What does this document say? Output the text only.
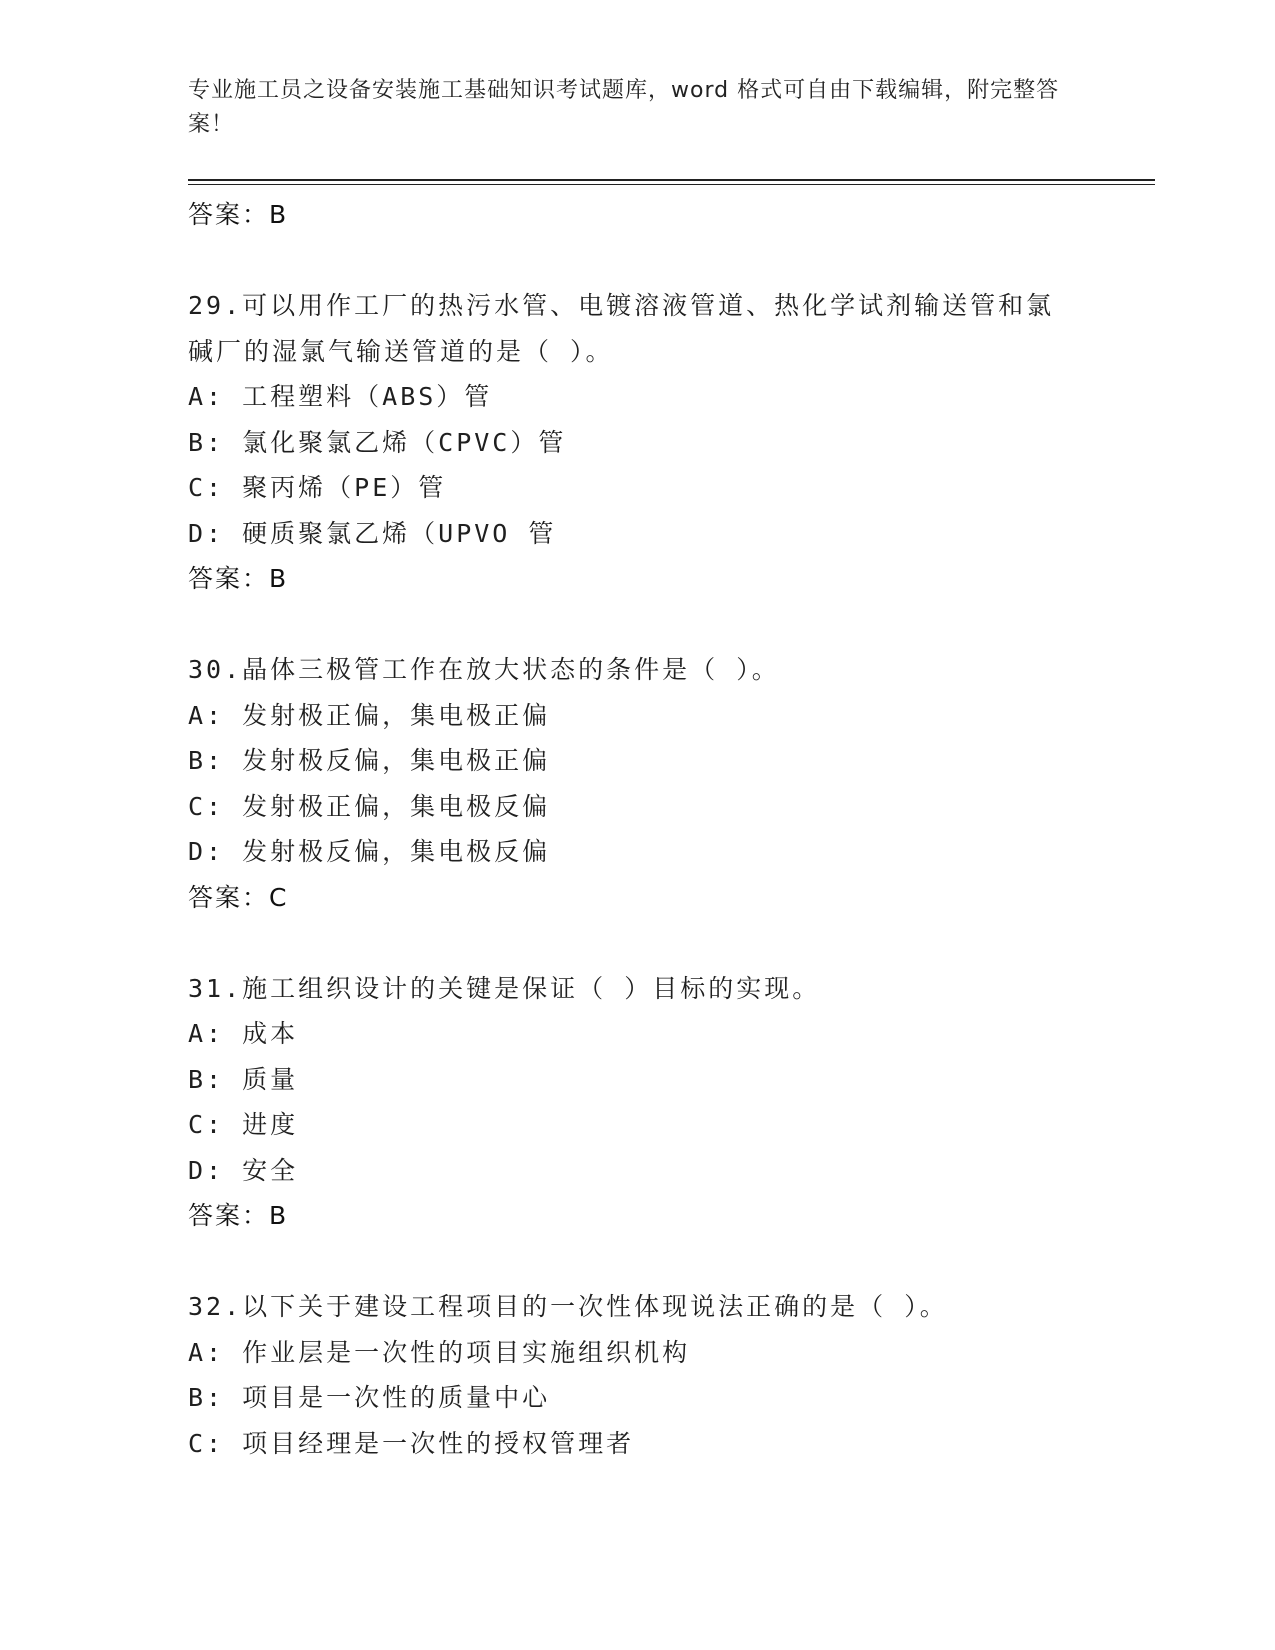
专业施工员之设备安装施工基础知识考试题库，word 格式可自由下载编辑，附完整答案！

答案：B
29.可以用作工厂的热污水管、电镀溶液管道、热化学试剂输送管和氯
碱厂的湿氯气输送管道的是（ ）。
A: 工程塑料（ABS）管
B: 氯化聚氯乙烯（CPVC）管
C: 聚丙烯（PE）管
D: 硬质聚氯乙烯（UPVO 管
答案：B
30.晶体三极管工作在放大状态的条件是（ ）。
A: 发射极正偏，集电极正偏
B: 发射极反偏，集电极正偏
C: 发射极正偏，集电极反偏
D: 发射极反偏，集电极反偏
答案：C
31.施工组织设计的关键是保证（ ）目标的实现。
A: 成本
B: 质量
C: 进度
D: 安全
答案：B
32.以下关于建设工程项目的一次性体现说法正确的是（ ）。
A: 作业层是一次性的项目实施组织机构
B: 项目是一次性的质量中心
C: 项目经理是一次性的授权管理者
